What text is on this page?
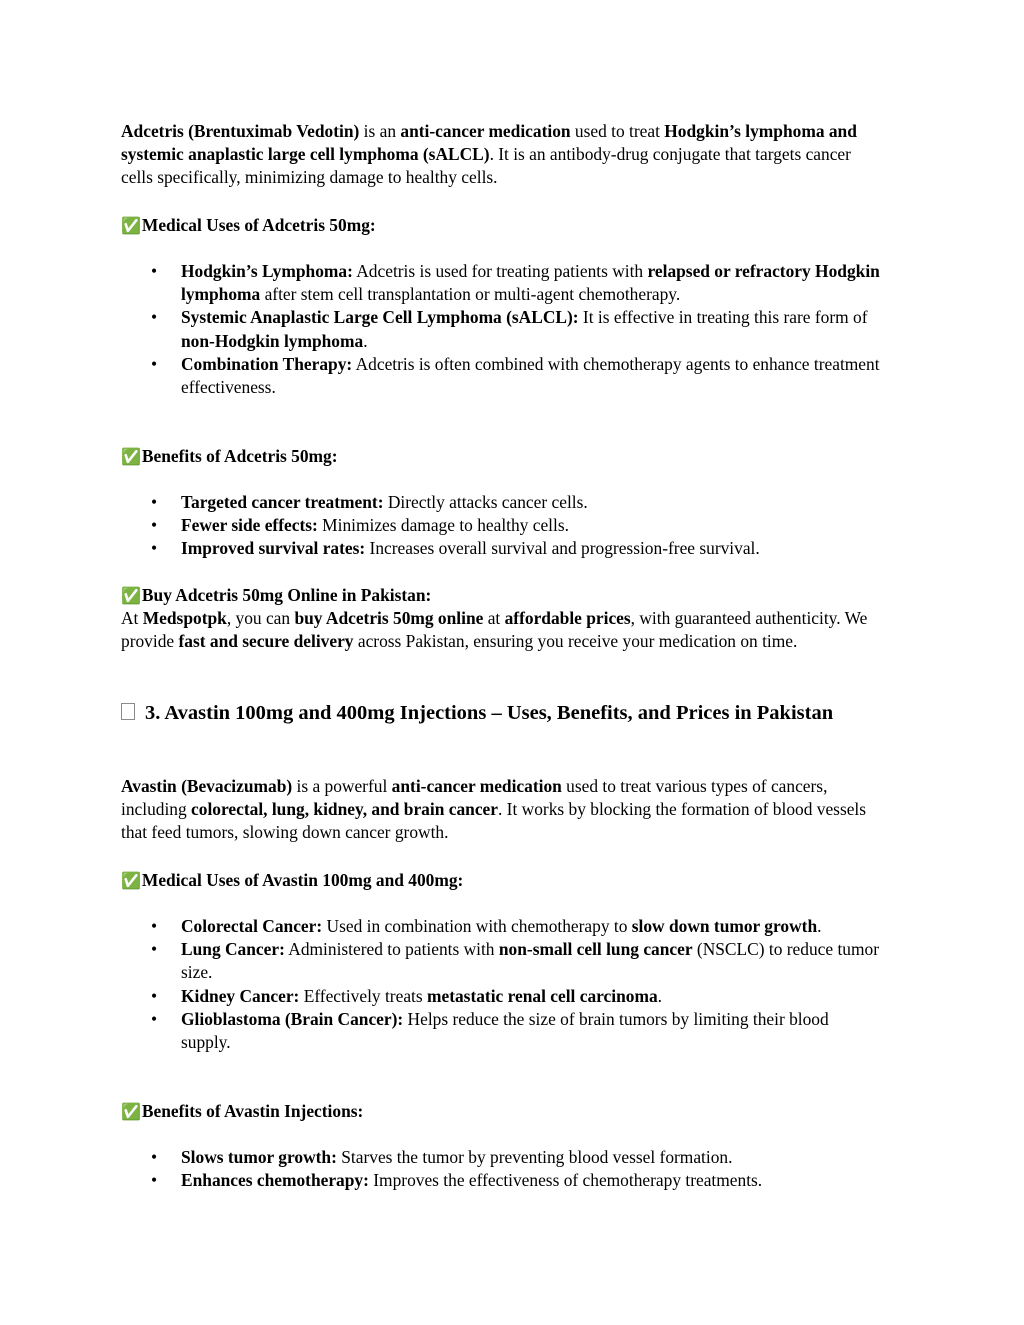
Adcetris (Brentuximab Vedotin) is an anti-cancer medication used to treat Hodgkin’s lymphoma and systemic anaplastic large cell lymphoma (sALCL). It is an antibody-drug conjugate that targets cancer cells specifically, minimizing damage to healthy cells.

✅Medical Uses of Adcetris 50mg:
• Hodgkin’s Lymphoma: Adcetris is used for treating patients with relapsed or refractory Hodgkin lymphoma after stem cell transplantation or multi-agent chemotherapy.
• Systemic Anaplastic Large Cell Lymphoma (sALCL): It is effective in treating this rare form of non-Hodgkin lymphoma.
• Combination Therapy: Adcetris is often combined with chemotherapy agents to enhance treatment effectiveness.
✅Benefits of Adcetris 50mg:
• Targeted cancer treatment: Directly attacks cancer cells.
• Fewer side effects: Minimizes damage to healthy cells.
• Improved survival rates: Increases overall survival and progression-free survival.
✅Buy Adcetris 50mg Online in Pakistan:
At Medspotpk, you can buy Adcetris 50mg online at affordable prices, with guaranteed authenticity. We provide fast and secure delivery across Pakistan, ensuring you receive your medication on time.
3. Avastin 100mg and 400mg Injections – Uses, Benefits, and Prices in Pakistan

Avastin (Bevacizumab) is a powerful anti-cancer medication used to treat various types of cancers, including colorectal, lung, kidney, and brain cancer. It works by blocking the formation of blood vessels that feed tumors, slowing down cancer growth.

✅Medical Uses of Avastin 100mg and 400mg:
• Colorectal Cancer: Used in combination with chemotherapy to slow down tumor growth.
• Lung Cancer: Administered to patients with non-small cell lung cancer (NSCLC) to reduce tumor size.
• Kidney Cancer: Effectively treats metastatic renal cell carcinoma.
• Glioblastoma (Brain Cancer): Helps reduce the size of brain tumors by limiting their blood supply.
✅Benefits of Avastin Injections:
• Slows tumor growth: Starves the tumor by preventing blood vessel formation.
• Enhances chemotherapy: Improves the effectiveness of chemotherapy treatments.
